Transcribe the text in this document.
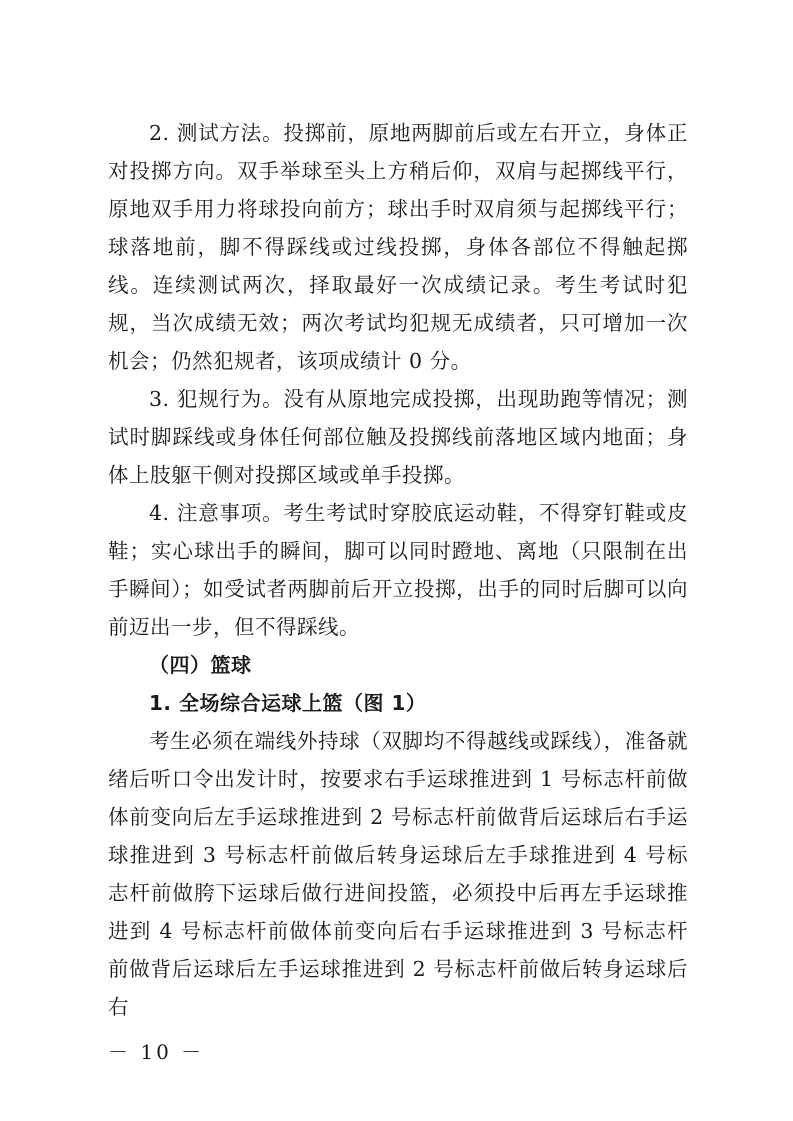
2. 测试方法。投掷前，原地两脚前后或左右开立，身体正对投掷方向。双手举球至头上方稍后仰，双肩与起掷线平行，原地双手用力将球投向前方；球出手时双肩须与起掷线平行；球落地前，脚不得踩线或过线投掷，身体各部位不得触起掷线。连续测试两次，择取最好一次成绩记录。考生考试时犯规，当次成绩无效；两次考试均犯规无成绩者，只可增加一次机会；仍然犯规者，该项成绩计 0 分。

3. 犯规行为。没有从原地完成投掷，出现助跑等情况；测试时脚踩线或身体任何部位触及投掷线前落地区域内地面；身体上肢躯干侧对投掷区域或单手投掷。

4. 注意事项。考生考试时穿胶底运动鞋，不得穿钉鞋或皮鞋；实心球出手的瞬间，脚可以同时蹬地、离地（只限制在出手瞬间）；如受试者两脚前后开立投掷，出手的同时后脚可以向前迈出一步，但不得踩线。

（四）篮球

1. 全场综合运球上篮（图 1）

考生必须在端线外持球（双脚均不得越线或踩线），准备就绪后听口令出发计时，按要求右手运球推进到 1 号标志杆前做体前变向后左手运球推进到 2 号标志杆前做背后运球后右手运球推进到 3 号标志杆前做后转身运球后左手球推进到 4 号标志杆前做胯下运球后做行进间投篮，必须投中后再左手运球推进到 4 号标志杆前做体前变向后右手运球推进到 3 号标志杆前做背后运球后左手运球推进到 2 号标志杆前做后转身运球后右

－ 10 －
